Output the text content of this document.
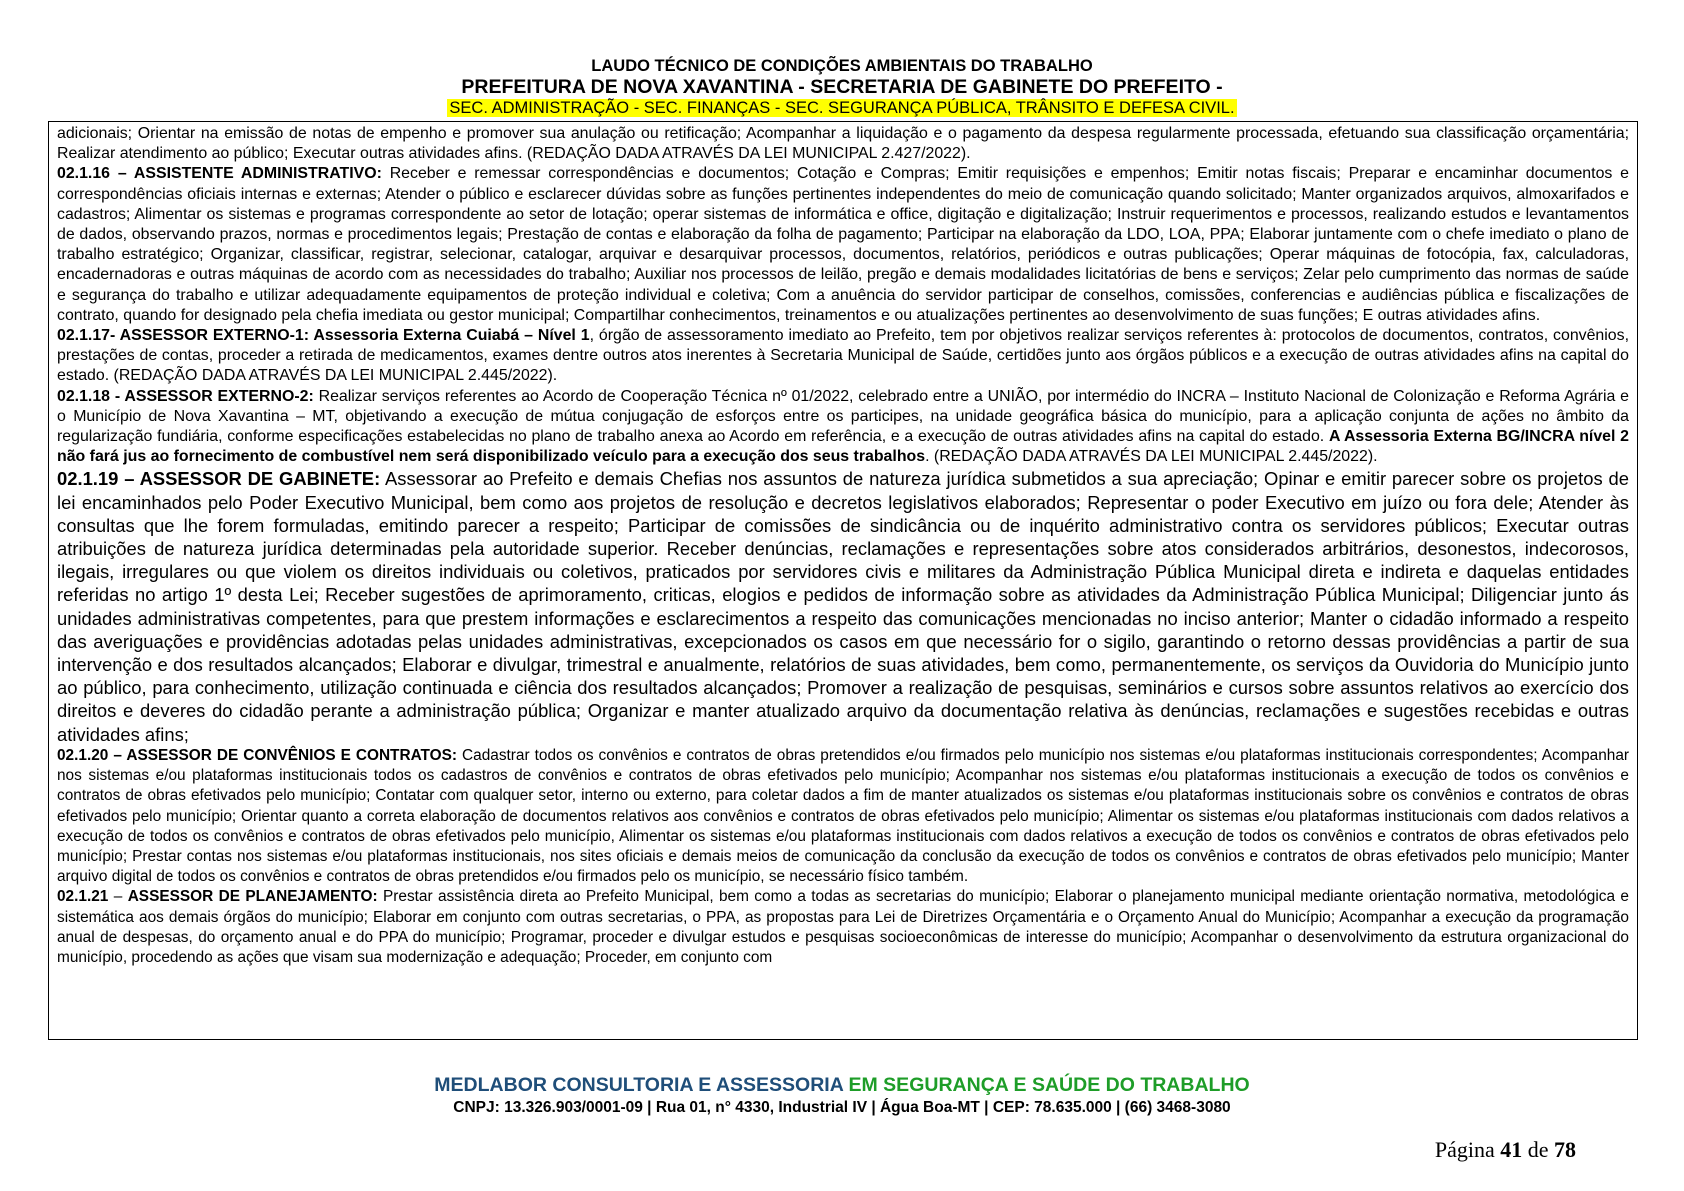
LAUDO TÉCNICO DE CONDIÇÕES AMBIENTAIS DO TRABALHO
PREFEITURA DE NOVA XAVANTINA - SECRETARIA DE GABINETE DO PREFEITO -
SEC. ADMINISTRAÇÃO - SEC. FINANÇAS - SEC. SEGURANÇA PÚBLICA, TRÂNSITO E DEFESA CIVIL.

adicionais; Orientar na emissão de notas de empenho e promover sua anulação ou retificação; Acompanhar a liquidação e o pagamento da despesa regularmente processada, efetuando sua classificação orçamentária; Realizar atendimento ao público; Executar outras atividades afins. (REDAÇÃO DADA ATRAVÉS DA LEI MUNICIPAL 2.427/2022).

02.1.16 – ASSISTENTE ADMINISTRATIVO: Receber e remessar correspondências e documentos; Cotação e Compras; Emitir requisições e empenhos; Emitir notas fiscais; Preparar e encaminhar documentos e correspondências oficiais internas e externas; Atender o público e esclarecer dúvidas sobre as funções pertinentes independentes do meio de comunicação quando solicitado; Manter organizados arquivos, almoxarifados e cadastros; Alimentar os sistemas e programas correspondente ao setor de lotação; operar sistemas de informática e office, digitação e digitalização; Instruir requerimentos e processos, realizando estudos e levantamentos de dados, observando prazos, normas e procedimentos legais; Prestação de contas e elaboração da folha de pagamento; Participar na elaboração da LDO, LOA, PPA; Elaborar juntamente com o chefe imediato o plano de trabalho estratégico; Organizar, classificar, registrar, selecionar, catalogar, arquivar e desarquivar processos, documentos, relatórios, periódicos e outras publicações; Operar máquinas de fotocópia, fax, calculadoras, encadernadoras e outras máquinas de acordo com as necessidades do trabalho; Auxiliar nos processos de leilão, pregão e demais modalidades licitatórias de bens e serviços; Zelar pelo cumprimento das normas de saúde e segurança do trabalho e utilizar adequadamente equipamentos de proteção individual e coletiva; Com a anuência do servidor participar de conselhos, comissões, conferencias e audiências pública e fiscalizações de contrato, quando for designado pela chefia imediata ou gestor municipal; Compartilhar conhecimentos, treinamentos e ou atualizações pertinentes ao desenvolvimento de suas funções; E outras atividades afins.

02.1.17- ASSESSOR EXTERNO-1: Assessoria Externa Cuiabá – Nível 1, órgão de assessoramento imediato ao Prefeito, tem por objetivos realizar serviços referentes à: protocolos de documentos, contratos, convênios, prestações de contas, proceder a retirada de medicamentos, exames dentre outros atos inerentes à Secretaria Municipal de Saúde, certidões junto aos órgãos públicos e a execução de outras atividades afins na capital do estado. (REDAÇÃO DADA ATRAVÉS DA LEI MUNICIPAL 2.445/2022).

02.1.18 - ASSESSOR EXTERNO-2: Realizar serviços referentes ao Acordo de Cooperação Técnica nº 01/2022, celebrado entre a UNIÃO, por intermédio do INCRA – Instituto Nacional de Colonização e Reforma Agrária e o Município de Nova Xavantina – MT, objetivando a execução de mútua conjugação de esforços entre os participes, na unidade geográfica básica do município, para a aplicação conjunta de ações no âmbito da regularização fundiária, conforme especificações estabelecidas no plano de trabalho anexa ao Acordo em referência, e a execução de outras atividades afins na capital do estado. A Assessoria Externa BG/INCRA nível 2 não fará jus ao fornecimento de combustível nem será disponibilizado veículo para a execução dos seus trabalhos. (REDAÇÃO DADA ATRAVÉS DA LEI MUNICIPAL 2.445/2022).

02.1.19 – ASSESSOR DE GABINETE: Assessorar ao Prefeito e demais Chefias nos assuntos de natureza jurídica submetidos a sua apreciação; Opinar e emitir parecer sobre os projetos de lei encaminhados pelo Poder Executivo Municipal, bem como aos projetos de resolução e decretos legislativos elaborados; Representar o poder Executivo em juízo ou fora dele; Atender às consultas que lhe forem formuladas, emitindo parecer a respeito; Participar de comissões de sindicância ou de inquérito administrativo contra os servidores públicos; Executar outras atribuições de natureza jurídica determinadas pela autoridade superior. Receber denúncias, reclamações e representações sobre atos considerados arbitrários, desonestos, indecorosos, ilegais, irregulares ou que violem os direitos individuais ou coletivos, praticados por servidores civis e militares da Administração Pública Municipal direta e indireta e daquelas entidades referidas no artigo 1º desta Lei; Receber sugestões de aprimoramento, criticas, elogios e pedidos de informação sobre as atividades da Administração Pública Municipal; Diligenciar junto ás unidades administrativas competentes, para que prestem informações e esclarecimentos a respeito das comunicações mencionadas no inciso anterior; Manter o cidadão informado a respeito das averiguações e providências adotadas pelas unidades administrativas, excepcionados os casos em que necessário for o sigilo, garantindo o retorno dessas providências a partir de sua intervenção e dos resultados alcançados; Elaborar e divulgar, trimestral e anualmente, relatórios de suas atividades, bem como, permanentemente, os serviços da Ouvidoria do Município junto ao público, para conhecimento, utilização continuada e ciência dos resultados alcançados; Promover a realização de pesquisas, seminários e cursos sobre assuntos relativos ao exercício dos direitos e deveres do cidadão perante a administração pública; Organizar e manter atualizado arquivo da documentação relativa às denúncias, reclamações e sugestões recebidas e outras atividades afins;

02.1.20 – ASSESSOR DE CONVÊNIOS E CONTRATOS: Cadastrar todos os convênios e contratos de obras pretendidos e/ou firmados pelo município nos sistemas e/ou plataformas institucionais correspondentes; Acompanhar nos sistemas e/ou plataformas institucionais todos os cadastros de convênios e contratos de obras efetivados pelo município; Acompanhar nos sistemas e/ou plataformas institucionais a execução de todos os convênios e contratos de obras efetivados pelo município; Contatar com qualquer setor, interno ou externo, para coletar dados a fim de manter atualizados os sistemas e/ou plataformas institucionais sobre os convênios e contratos de obras efetivados pelo município; Orientar quanto a correta elaboração de documentos relativos aos convênios e contratos de obras efetivados pelo município; Alimentar os sistemas e/ou plataformas institucionais com dados relativos a execução de todos os convênios e contratos de obras efetivados pelo município, Alimentar os sistemas e/ou plataformas institucionais com dados relativos a execução de todos os convênios e contratos de obras efetivados pelo município; Prestar contas nos sistemas e/ou plataformas institucionais, nos sites oficiais e demais meios de comunicação da conclusão da execução de todos os convênios e contratos de obras efetivados pelo município; Manter arquivo digital de todos os convênios e contratos de obras pretendidos e/ou firmados pelo os município, se necessário físico também.

02.1.21 – ASSESSOR DE PLANEJAMENTO: Prestar assistência direta ao Prefeito Municipal, bem como a todas as secretarias do município; Elaborar o planejamento municipal mediante orientação normativa, metodológica e sistemática aos demais órgãos do município; Elaborar em conjunto com outras secretarias, o PPA, as propostas para Lei de Diretrizes Orçamentária e o Orçamento Anual do Município; Acompanhar a execução da programação anual de despesas, do orçamento anual e do PPA do município; Programar, proceder e divulgar estudos e pesquisas socioeconômicas de interesse do município; Acompanhar o desenvolvimento da estrutura organizacional do município, procedendo as ações que visam sua modernização e adequação; Proceder, em conjunto com

MEDLABOR CONSULTORIA E ASSESSORIA EM SEGURANÇA E SAÚDE DO TRABALHO
CNPJ: 13.326.903/0001-09 | Rua 01, n° 4330, Industrial IV | Água Boa-MT | CEP: 78.635.000 | (66) 3468-3080
Página 41 de 78
